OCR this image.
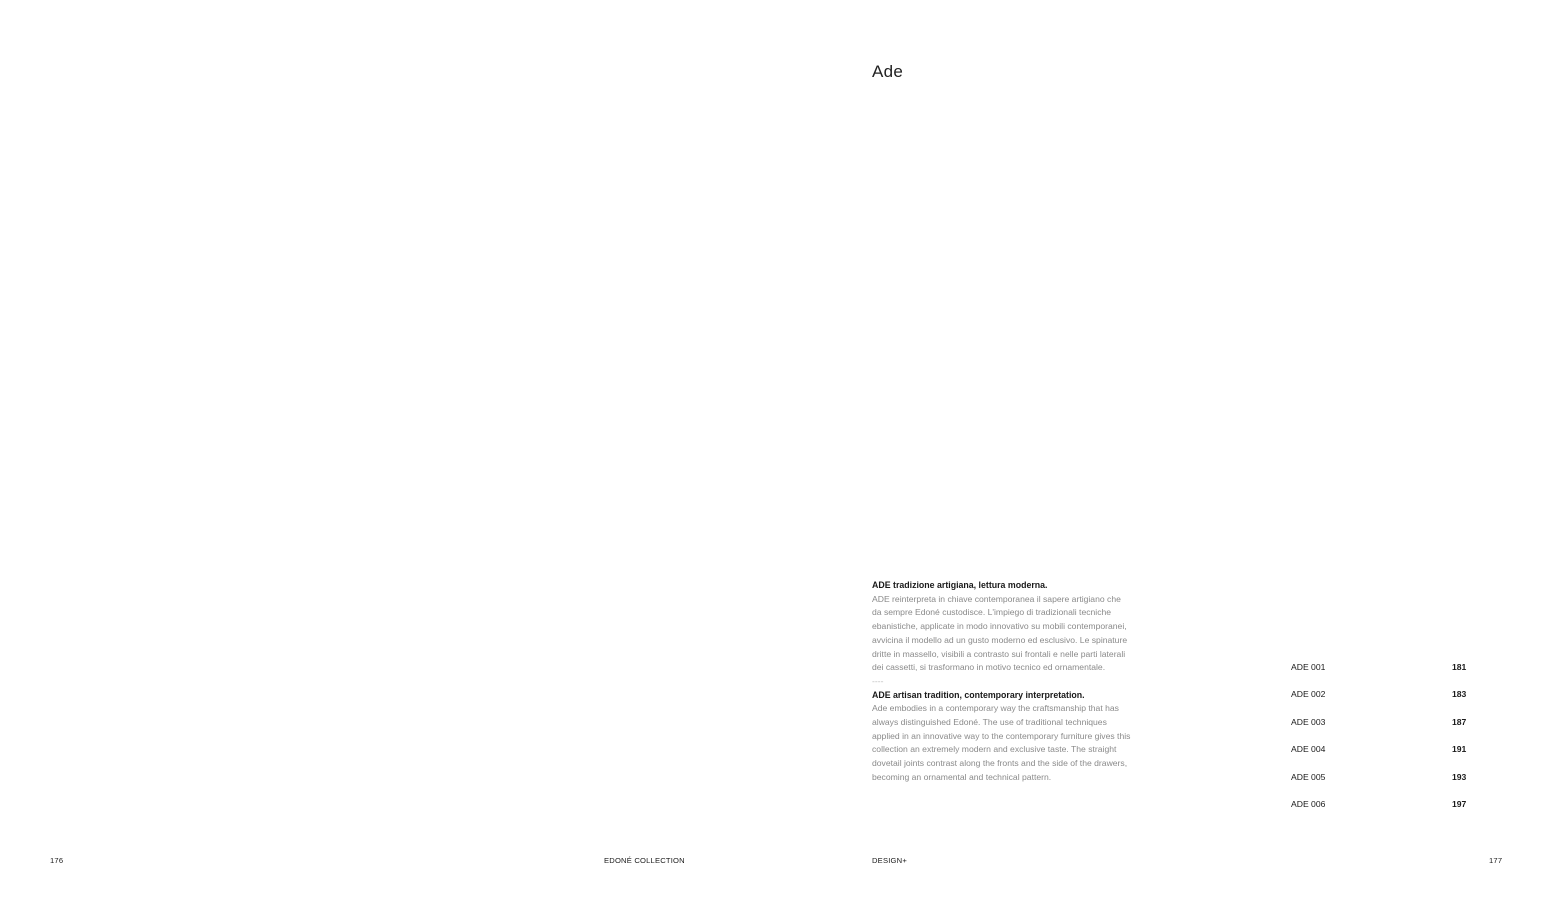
176	EDONÉ COLLECTION
Ade

ADE tradizione artigiana, lettura moderna.
ADE reinterpreta in chiave contemporanea il sapere artigiano che da sempre Edoné custodisce. L'impiego di tradizionali tecniche ebanistiche, applicate in modo innovativo su mobili contemporanei, avvicina il modello ad un gusto moderno ed esclusivo. Le spinature dritte in massello, visibili a contrasto sui frontali e nelle parti laterali dei cassetti, si trasformano in motivo tecnico ed ornamentale.

----

ADE artisan tradition, contemporary interpretation.
Ade embodies in a contemporary way the craftsmanship that has always distinguished Edoné. The use of traditional techniques applied in an innovative way to the contemporary furniture gives this collection an extremely modern and exclusive taste. The straight dovetail joints contrast along the fronts and the side of the drawers, becoming an ornamental and technical pattern.

ADE 001	181
ADE 002	183
ADE 003	187
ADE 004	191
ADE 005	193
ADE 006	197
DESIGN+	177
